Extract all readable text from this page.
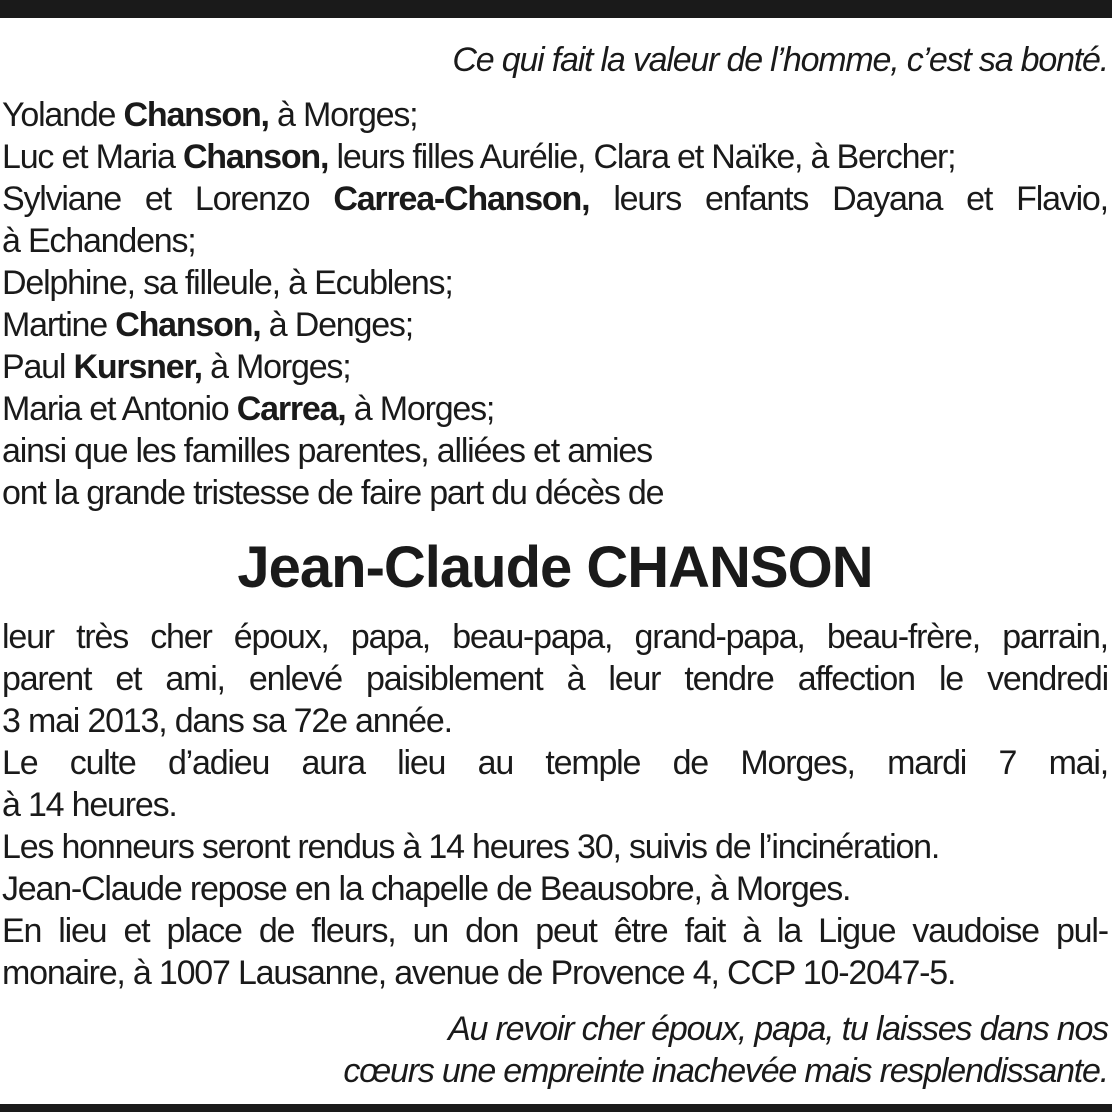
Ce qui fait la valeur de l’homme, c’est sa bonté.
Yolande Chanson, à Morges;
Luc et Maria Chanson, leurs filles Aurélie, Clara et Naïke, à Bercher;
Sylviane et Lorenzo Carrea-Chanson, leurs enfants Dayana et Flavio,
à Echandens;
Delphine, sa filleule, à Ecublens;
Martine Chanson, à Denges;
Paul Kursner, à Morges;
Maria et Antonio Carrea, à Morges;
ainsi que les familles parentes, alliées et amies
ont la grande tristesse de faire part du décès de
Jean-Claude CHANSON
leur très cher époux, papa, beau-papa, grand-papa, beau-frère, parrain,
parent et ami, enlevé paisiblement à leur tendre affection le vendredi
3 mai 2013, dans sa 72e année.
Le culte d’adieu aura lieu au temple de Morges, mardi 7 mai,
à 14 heures.
Les honneurs seront rendus à 14 heures 30, suivis de l’incinération.
Jean-Claude repose en la chapelle de Beausobre, à Morges.
En lieu et place de fleurs, un don peut être fait à la Ligue vaudoise pul-
monaire, à 1007 Lausanne, avenue de Provence 4, CCP 10-2047-5.
Au revoir cher époux, papa, tu laisses dans nos
cœurs une empreinte inachevée mais resplendissante.
